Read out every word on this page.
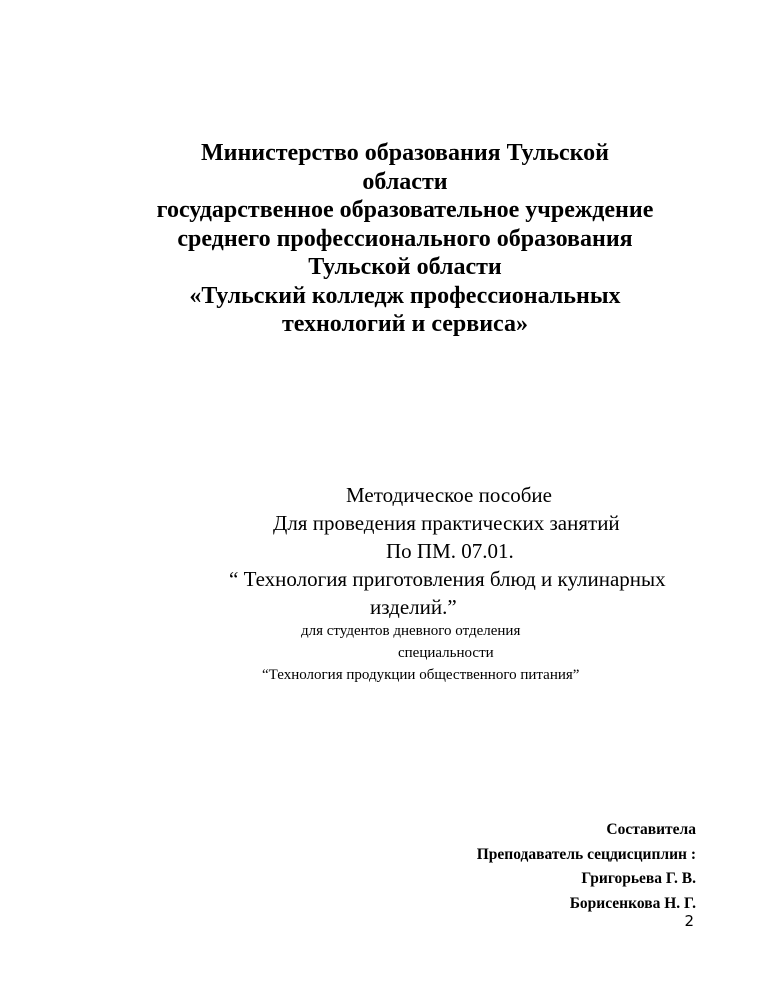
Министерство образования Тульской
области
государственное образовательное учреждение
среднего профессионального образования
Тульской области
«Тульский колледж профессиональных
технологий и сервиса»
Методическое пособие
Для проведения практических занятий
По ПМ. 07.01.
“ Технология приготовления блюд и кулинарных
изделий.”
для студентов дневного отделения
специальности
“Технология продукции общественного питания”
Составитела
Преподаватель сецдисциплин :
Григорьева Г. В.
Борисенкова Н. Г.
2
